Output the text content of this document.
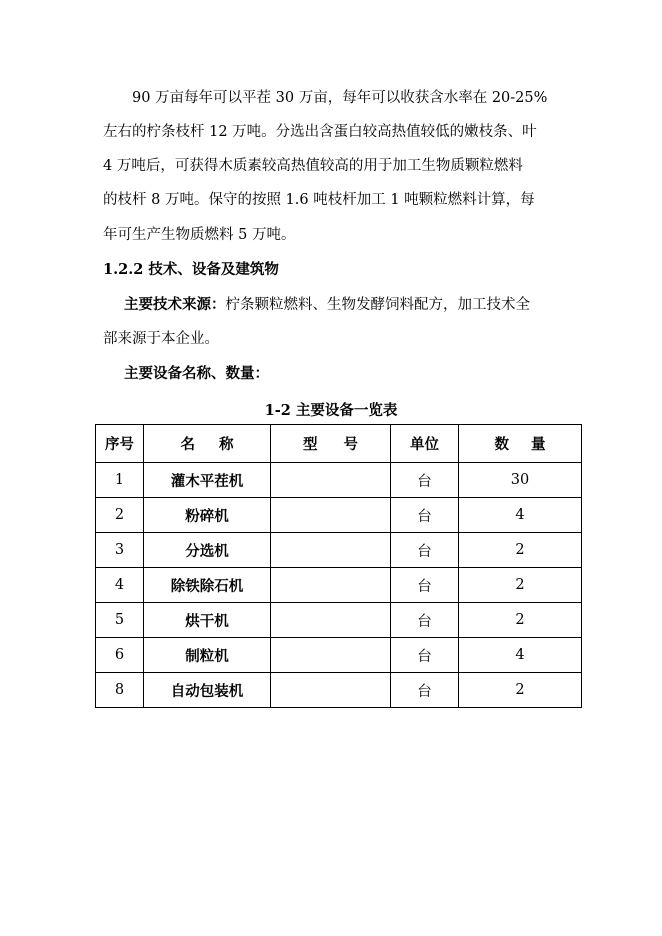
90 万亩每年可以平茬 30 万亩，每年可以收获含水率在 20-25%
左右的柠条枝杆 12 万吨。分选出含蛋白较高热值较低的嫩枝条、叶
4 万吨后，可获得木质素较高热值较高的用于加工生物质颗粒燃料
的枝杆 8 万吨。保守的按照 1.6 吨枝杆加工 1 吨颗粒燃料计算，每
年可生产生物质燃料 5 万吨。
1.2.2 技术、设备及建筑物
主要技术来源：柠条颗粒燃料、生物发酵饲料配方，加工技术全
部来源于本企业。
主要设备名称、数量：
1-2 主要设备一览表
序号	名称	型号	单位	数量
1	灌木平茬机		台	30
2	粉碎机		台	4
3	分选机		台	2
4	除铁除石机		台	2
5	烘干机		台	2
6	制粒机		台	4
8	自动包装机		台	2
